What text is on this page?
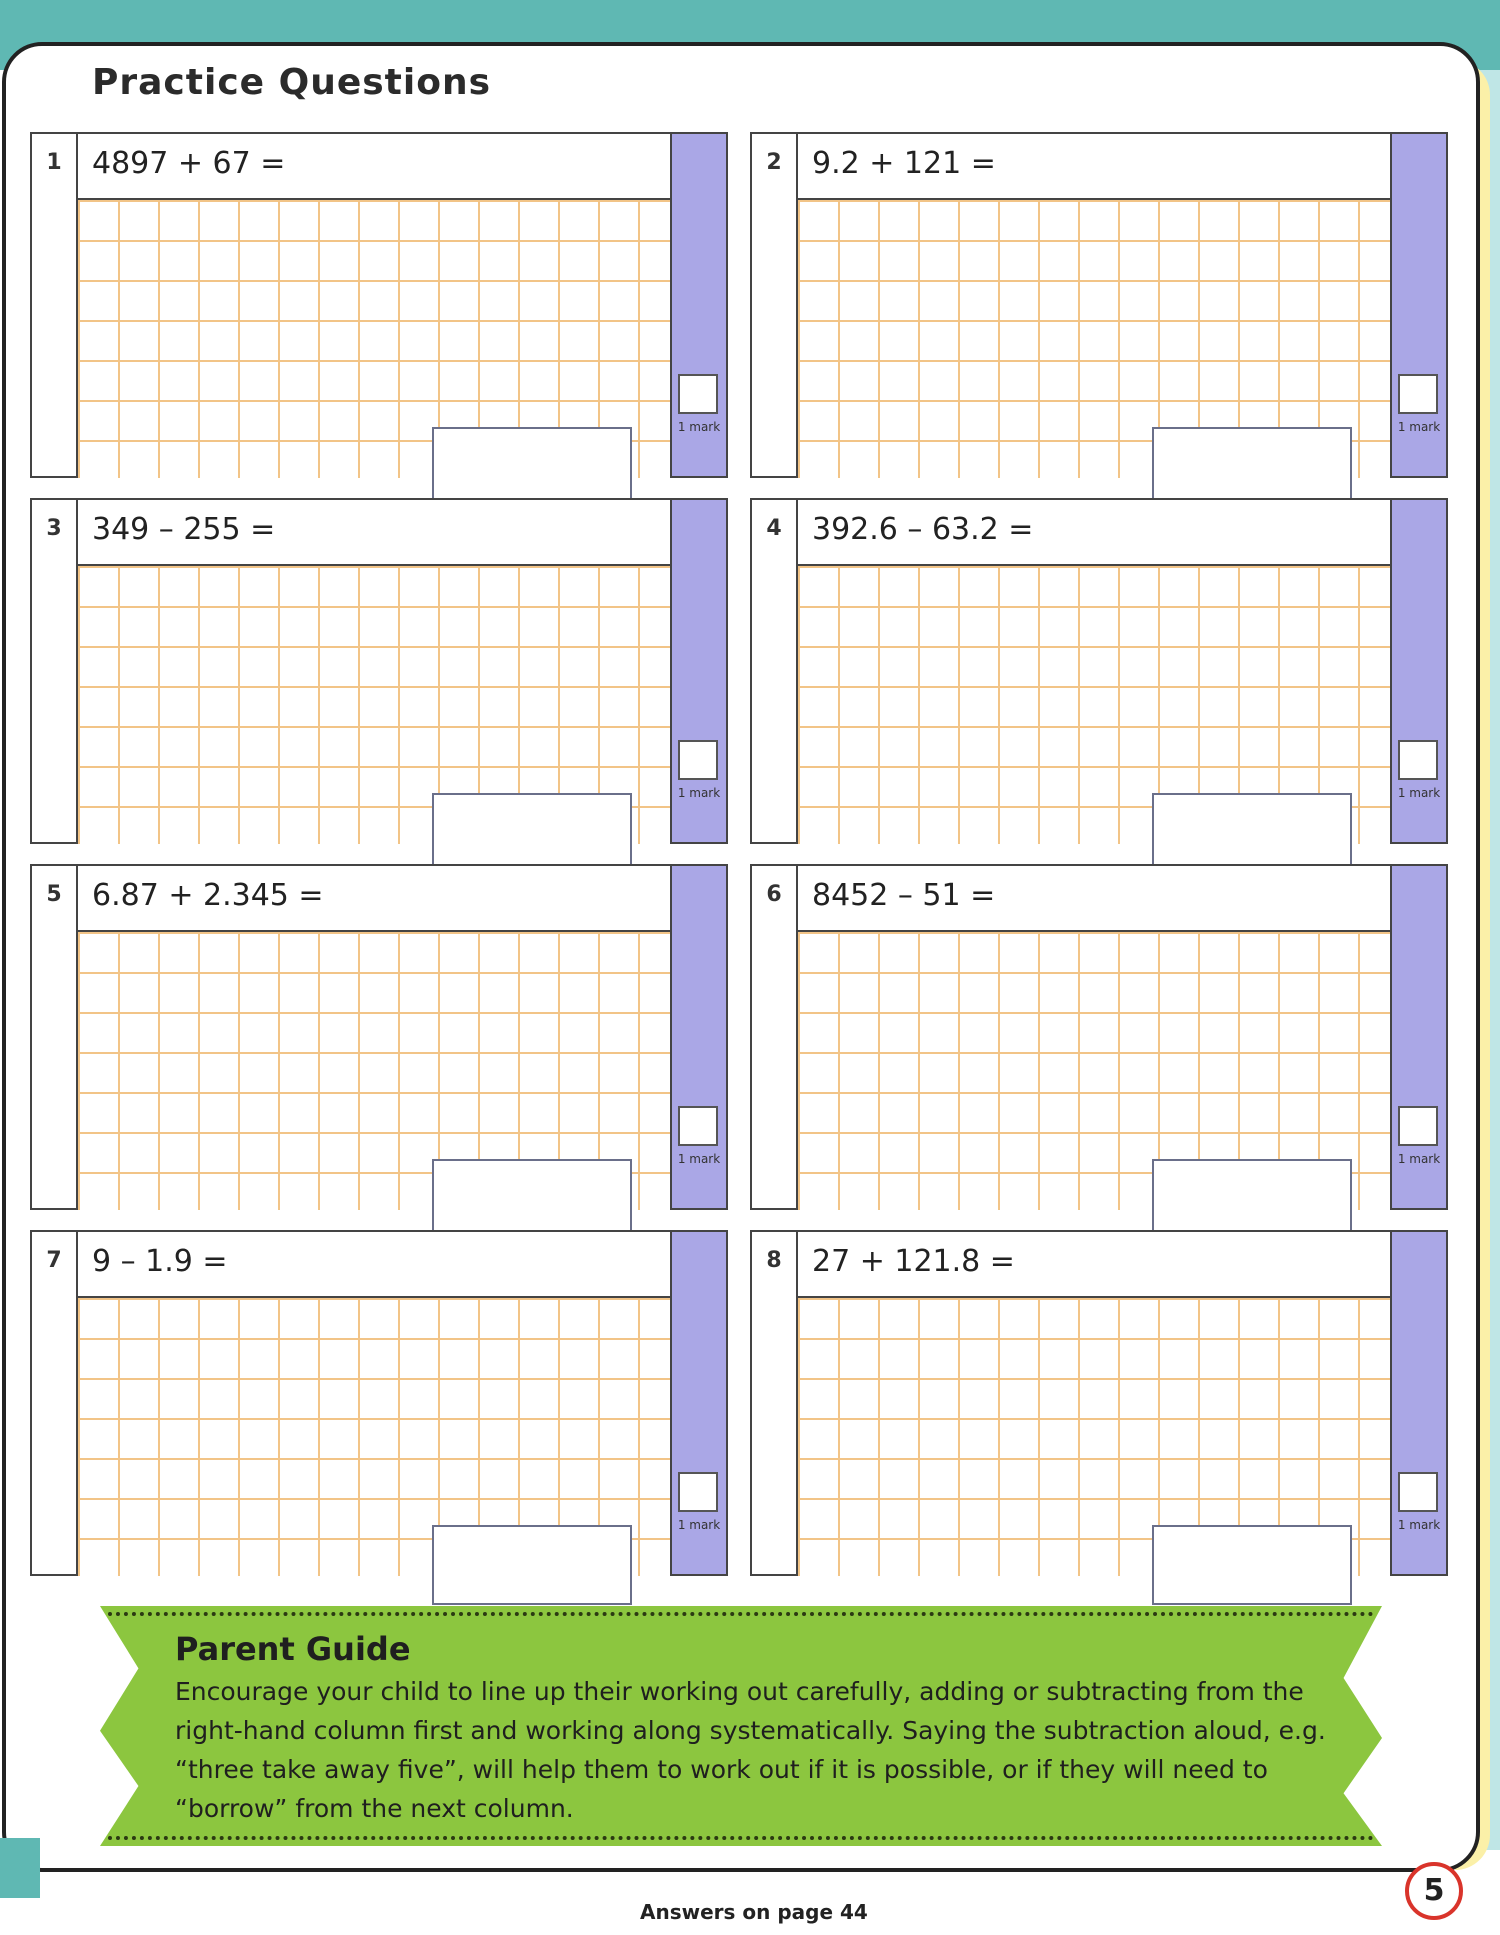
Practice Questions
1	4897 + 67 =
1 mark
2	9.2 + 121 =
1 mark
3	349 – 255 =
1 mark
4	392.6 – 63.2 =
1 mark
5	6.87 + 2.345 =
1 mark
6	8452 – 51 =
1 mark
7	9 – 1.9 =
1 mark
8	27 + 121.8 =
1 mark
Parent Guide

Encourage your child to line up their working out carefully, adding or subtracting from the right-hand column first and working along systematically. Saying the subtraction aloud, e.g. “three take away five”, will help them to work out if it is possible, or if they will need to “borrow” from the next column.

Answers on page 44
5
